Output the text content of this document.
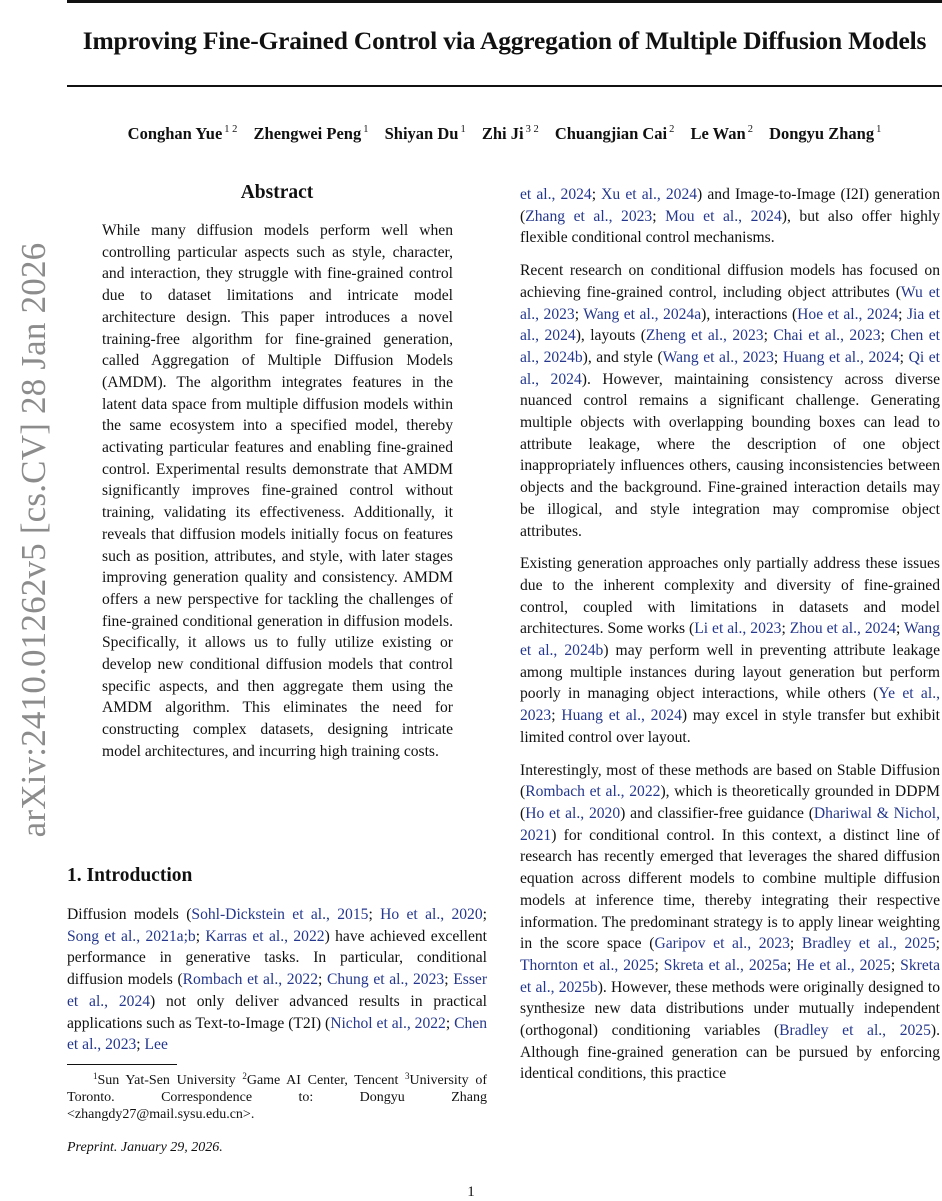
Improving Fine-Grained Control via Aggregation of Multiple Diffusion Models
Conghan Yue $^{1 2}$ Zhengwei Peng $^1$ Shiyan Du $^1$ Zhi Ji $^{3 2}$ Chuangjian Cai $^2$ Le Wan $^2$ Dongyu Zhang $^1$
arXiv:2410.01262v5 [cs.CV] 28 Jan 2026
Abstract
While many diffusion models perform well when controlling particular aspects such as style, character, and interaction, they struggle with fine-grained control due to dataset limitations and intricate model architecture design. This paper introduces a novel training-free algorithm for fine-grained generation, called Aggregation of Multiple Diffusion Models (AMDM). The algorithm integrates features in the latent data space from multiple diffusion models within the same ecosystem into a specified model, thereby activating particular features and enabling fine-grained control. Experimental results demonstrate that AMDM significantly improves fine-grained control without training, validating its effectiveness. Additionally, it reveals that diffusion models initially focus on features such as position, attributes, and style, with later stages improving generation quality and consistency. AMDM offers a new perspective for tackling the challenges of fine-grained conditional generation in diffusion models. Specifically, it allows us to fully utilize existing or develop new conditional diffusion models that control specific aspects, and then aggregate them using the AMDM algorithm. This eliminates the need for constructing complex datasets, designing intricate model architectures, and incurring high training costs.
1. Introduction

Diffusion models (Sohl-Dickstein et al., 2015; Ho et al., 2020; Song et al., 2021a;b; Karras et al., 2022) have achieved excellent performance in generative tasks. In particular, conditional diffusion models (Rombach et al., 2022; Chung et al., 2023; Esser et al., 2024) not only deliver advanced results in practical applications such as Text-to-Image (T2I) (Nichol et al., 2022; Chen et al., 2023; Lee

et al., 2024; Xu et al., 2024) and Image-to-Image (I2I) generation (Zhang et al., 2023; Mou et al., 2024), but also offer highly flexible conditional control mechanisms.

Recent research on conditional diffusion models has focused on achieving fine-grained control, including object attributes (Wu et al., 2023; Wang et al., 2024a), interactions (Hoe et al., 2024; Jia et al., 2024), layouts (Zheng et al., 2023; Chai et al., 2023; Chen et al., 2024b), and style (Wang et al., 2023; Huang et al., 2024; Qi et al., 2024). However, maintaining consistency across diverse nuanced control remains a significant challenge. Generating multiple objects with overlapping bounding boxes can lead to attribute leakage, where the description of one object inappropriately influences others, causing inconsistencies between objects and the background. Fine-grained interaction details may be illogical, and style integration may compromise object attributes.

Existing generation approaches only partially address these issues due to the inherent complexity and diversity of fine-grained control, coupled with limitations in datasets and model architectures. Some works (Li et al., 2023; Zhou et al., 2024; Wang et al., 2024b) may perform well in preventing attribute leakage among multiple instances during layout generation but perform poorly in managing object interactions, while others (Ye et al., 2023; Huang et al., 2024) may excel in style transfer but exhibit limited control over layout.

Interestingly, most of these methods are based on Stable Diffusion (Rombach et al., 2022), which is theoretically grounded in DDPM (Ho et al., 2020) and classifier-free guidance (Dhariwal & Nichol, 2021) for conditional control. In this context, a distinct line of research has recently emerged that leverages the shared diffusion equation across different models to combine multiple diffusion models at inference time, thereby integrating their respective information. The predominant strategy is to apply linear weighting in the score space (Garipov et al., 2023; Bradley et al., 2025; Thornton et al., 2025; Skreta et al., 2025a; He et al., 2025; Skreta et al., 2025b). However, these methods were originally designed to synthesize new data distributions under mutually independent (orthogonal) conditioning variables (Bradley et al., 2025). Although fine-grained generation can be pursued by enforcing identical conditions, this practice

$^1$Sun Yat-Sen University $^2$Game AI Center, Tencent $^3$University of Toronto. Correspondence to: Dongyu Zhang <zhangdy27@mail.sysu.edu.cn>.
Preprint. January 29, 2026.
1
